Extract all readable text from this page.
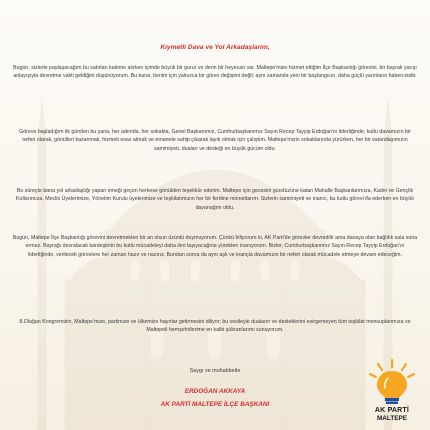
Kıymetli Dava ve Yol Arkadaşlarım,

Bugün, sizlerle paylaşacağım bu satırları kaleme alırken içimde büyük bir gurur ve derin bir heyecan var. Maltepe'mize hizmet ettiğim İlçe Başkanlığı görevini, bir bayrak yarışı anlayışıyla devretme vakti geldiğini düşünüyorum. Bu karar, benim için yalnızca bir görev değişimi değil; aynı zamanda yeni bir başlangıcın, daha güçlü yarınların habercisidir.

Göreve başladığım ilk günden bu yana, her adımda, her sokakta, Genel Başkanımız, Cumhurbaşkanımız Sayın Recep Tayyip Erdoğan'ın liderliğinde; kutlu davamızın bir neferi olarak, gönülleri kazanmak, hizmeti esas almak ve emanete sahip çıkarak layık olmak için çalıştım. Maltepe'mizin sokaklarında yürürken, her bir vatandaşımızın samimiyeti, duaları ve desteği en büyük gücüm oldu.

Bu süreçte bana yol arkadaşlığı yapan emeği geçen herkese gönülden teşekkür ederim. Maltepe için gecesini gündüzüne katan Mahalle Başkanlarımıza, Kadın ve Gençlik Kollarımıza, Meclis Üyelerimize, Yönetim Kurulu üyelerimize ve teşkilatımızın her bir ferdine minnettarım. Sizlerin samimiyeti ve inancı, bu kutlu görevi ifa ederken en büyük dayanağım oldu.

Bugün, Maltepe İlçe Başkanlığı görevini devretmekten bir an olsun üzüntü duymuyorum. Çünkü biliyorum ki, AK Parti'de görevler devredilir ama davaya olan bağlılık asla sona ermez. Bayrağı devralacak kardeşimin bu kutlu mücadeleyi daha ileri taşıyacağına yürekten inanıyorum. Bizler, Cumhurbaşkanımız Sayın Recep Tayyip Erdoğan'ın liderliğinde, verilecek görevlere her zaman hazır ve nazırız. Bundan sonra da aynı aşk ve inançla davamızın bir neferi olarak mücadele etmeye devam edeceğim.

8.Olağan Kongremizin, Maltepe'mize, partimize ve ülkemize hayırlar getirmesini diliyor; bu vesileyle duaların ve desteklerini esirgemeyen tüm teşkilat mensuplarımıza ve Maltepeli hemşehrilerime en kalbi şükranlarımı sunuyorum.

Saygı ve muhabbetle
ERDOĞAN AKKAYA
AK PARTİ MALTEPE İLÇE BAŞKANI
AK PARTİ
MALTEPE
